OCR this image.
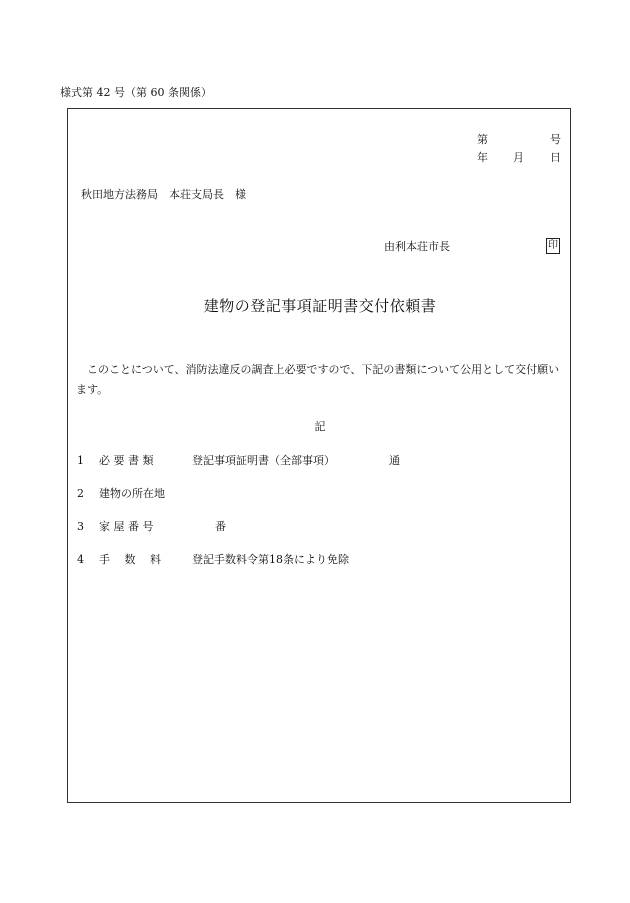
様式第 42 号（第 60 条関係）
第	号
年 月 日
秋田地方法務局　本荘支局長　様
由利本荘市長	印
建物の登記事項証明書交付依頼書
　このことについて、消防法違反の調査上必要ですので、下記の書類について公用として交付願います。
記
1 必 要 書 類	登記事項証明書（全部事項）	通
2 建物の所在地
3 家 屋 番 号	番
4 手　 数　 料	登記手数料令第18条により免除
